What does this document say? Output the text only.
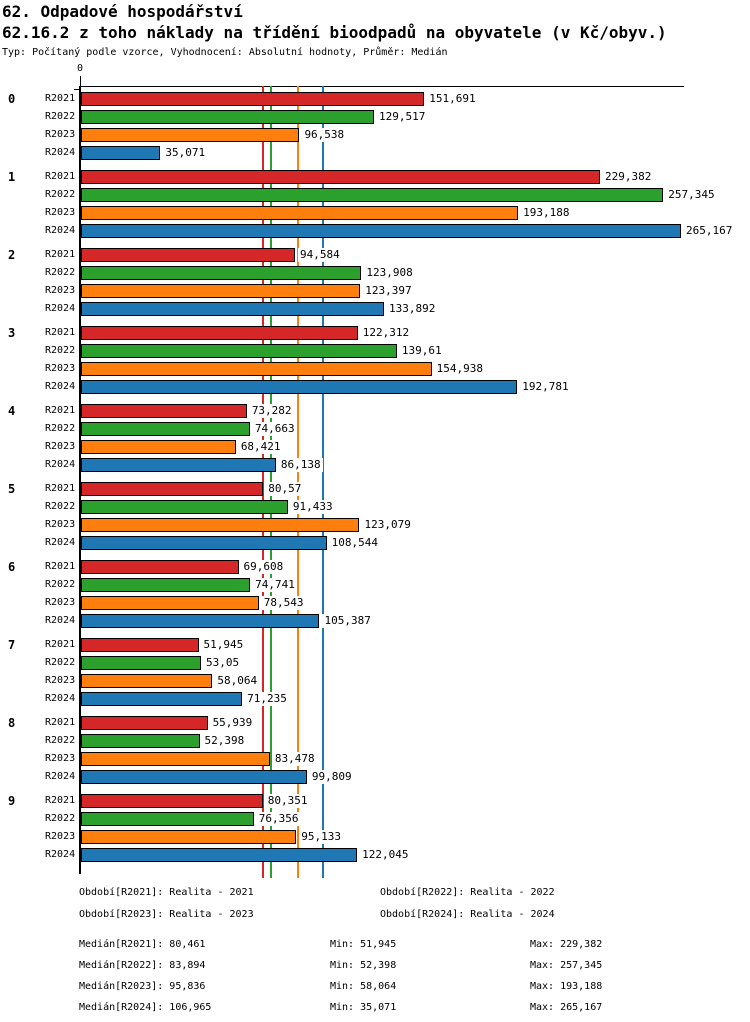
62. Odpadové hospodářství
62.16.2 z toho náklady na třídění bioodpadů na obyvatele (v Kč/obyv.)
Typ: Počítaný podle vzorce, Vyhodnocení: Absolutní hodnoty, Průměr: Medián
0
0	R2021	151,691
R2022	129,517
R2023	96,538
R2024	35,071
1	R2021	229,382
R2022	257,345
R2023	193,188
R2024	265,167
2	R2021	94,584
R2022	123,908
R2023	123,397
R2024	133,892
3	R2021	122,312
R2022	139,61
R2023	154,938
R2024	192,781
4	R2021	73,282
R2022	74,663
R2023	68,421
R2024	86,138
5	R2021	80,57
R2022	91,433
R2023	123,079
R2024	108,544
6	R2021	69,608
R2022	74,741
R2023	78,543
R2024	105,387
7	R2021	51,945
R2022	53,05
R2023	58,064
R2024	71,235
8	R2021	55,939
R2022	52,398
R2023	83,478
R2024	99,809
9	R2021	80,351
R2022	76,356
R2023	95,133
R2024	122,045
Období[R2021]: Realita - 2021	Období[R2022]: Realita - 2022
Období[R2023]: Realita - 2023	Období[R2024]: Realita - 2024
Medián[R2021]: 80,461	Min: 51,945	Max: 229,382
Medián[R2022]: 83,894	Min: 52,398	Max: 257,345
Medián[R2023]: 95,836	Min: 58,064	Max: 193,188
Medián[R2024]: 106,965	Min: 35,071	Max: 265,167
